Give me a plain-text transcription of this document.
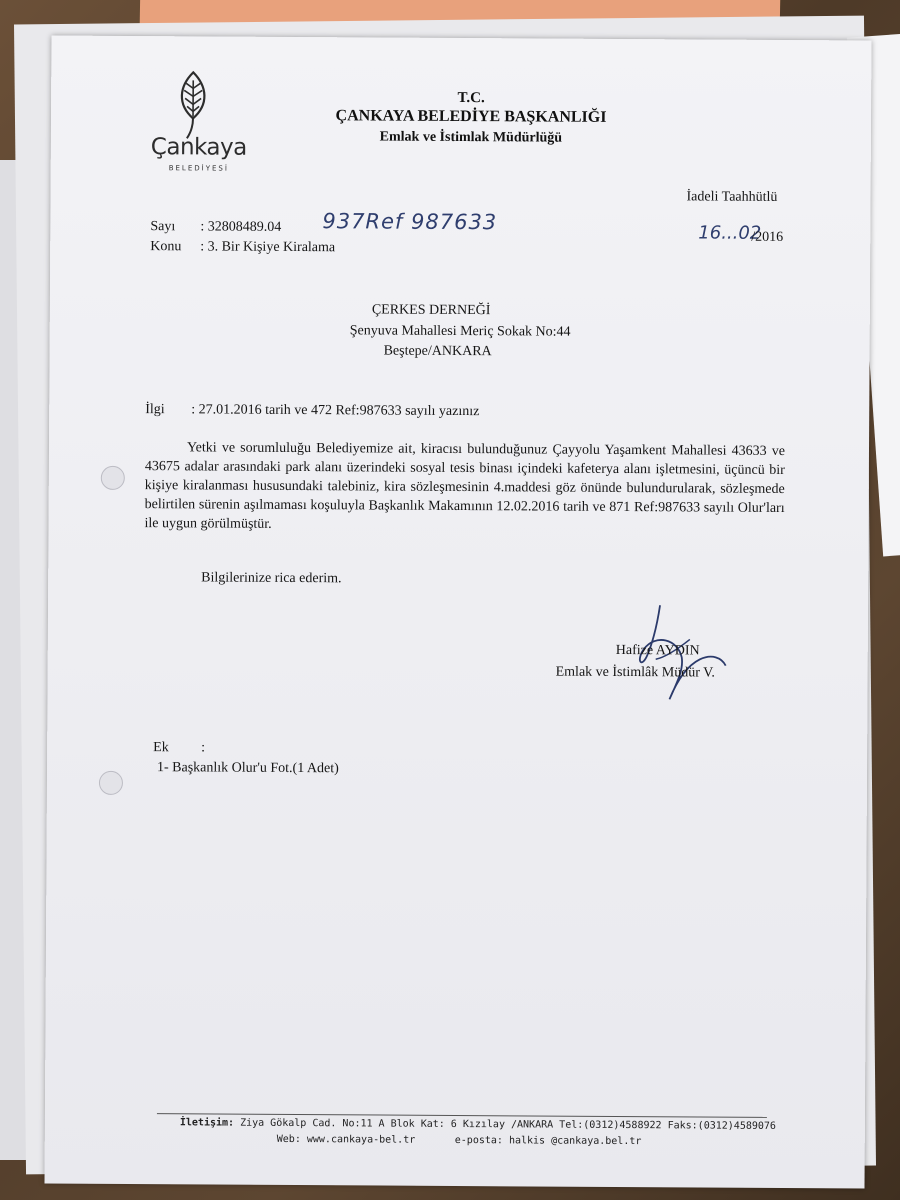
Çankaya
BELEDİYESİ
T.C.
ÇANKAYA BELEDİYE BAŞKANLIĞI
Emlak ve İstimlak Müdürlüğü
İadeli Taahhütlü
Sayı : 32808489.04 937Ref 987633	16...02
/2016
Konu : 3. Bir Kişiye Kiralama
ÇERKES DERNEĞİ
Şenyuva Mahallesi Meriç Sokak No:44
Beştepe/ANKARA
İlgi : 27.01.2016 tarih ve 472 Ref:987633 sayılı yazınız
Yetki ve sorumluluğu Belediyemize ait, kiracısı bulunduğunuz Çayyolu Yaşamkent Mahallesi 43633 ve 43675 adalar arasındaki park alanı üzerindeki sosyal tesis binası içindeki kafeterya alanı işletmesini, üçüncü bir kişiye kiralanması hususundaki talebiniz, kira sözleşmesinin 4.maddesi göz önünde bulundurularak, sözleşmede belirtilen sürenin aşılmaması koşuluyla Başkanlık Makamının 12.02.2016 tarih ve 871 Ref:987633 sayılı Olur'ları ile uygun görülmüştür.
Bilgilerinize rica ederim.
Hafize AYDIN
Emlak ve İstimlâk Müdür V.
Ek :
1- Başkanlık Olur'u Fot.(1 Adet)
İletişim: Ziya Gökalp Cad. No:11 A Blok Kat: 6 Kızılay /ANKARA Tel:(0312)4588922 Faks:(0312)4589076
Web: www.cankaya-bel.tr	e-posta: halkis @cankaya.bel.tr
